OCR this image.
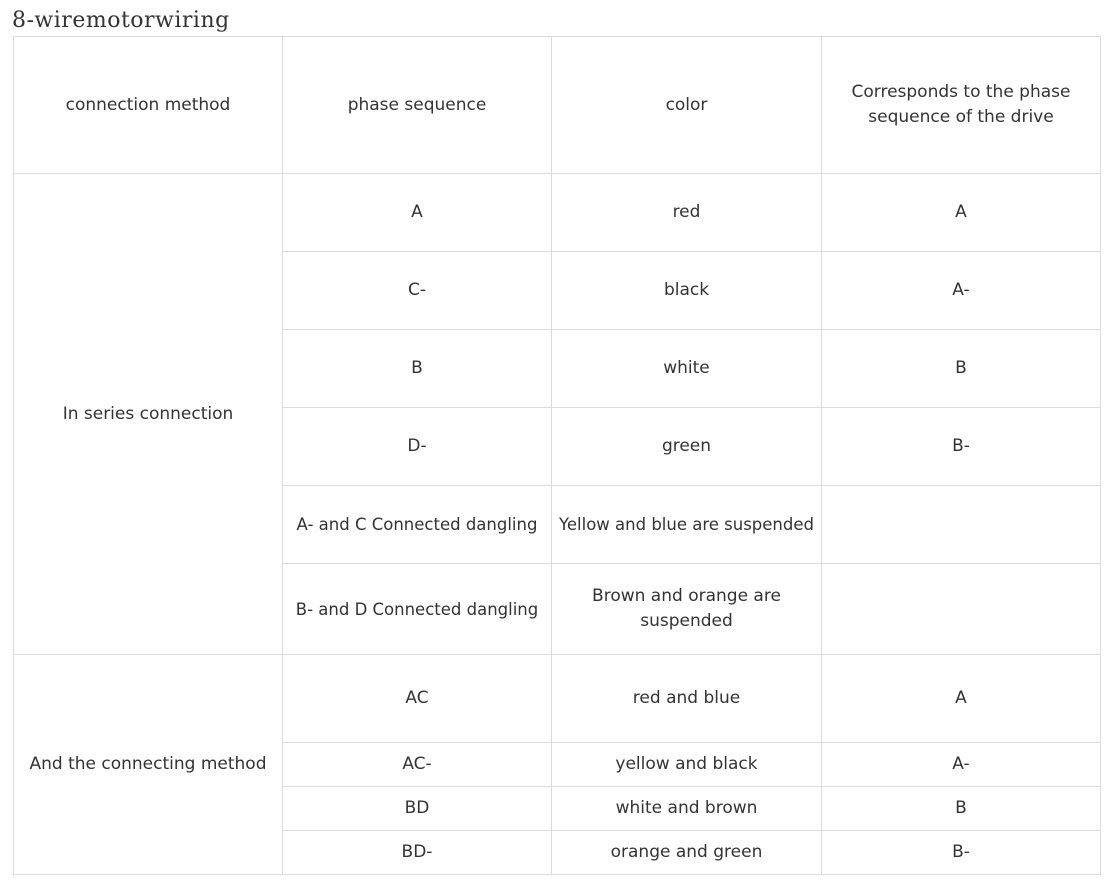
8-wiremotorwiring
connection method	phase sequence	color	Corresponds to the phase sequence of the drive
In series connection	A	red	A
	C-	black	A-
	B	white	B
	D-	green	B-
	A- and C Connected dangling	Yellow and blue are suspended	
	B- and D Connected dangling	Brown and orange are suspended	
And the connecting method	AC	red and blue	A
	AC-	yellow and black	A-
	BD	white and brown	B
	BD-	orange and green	B-
